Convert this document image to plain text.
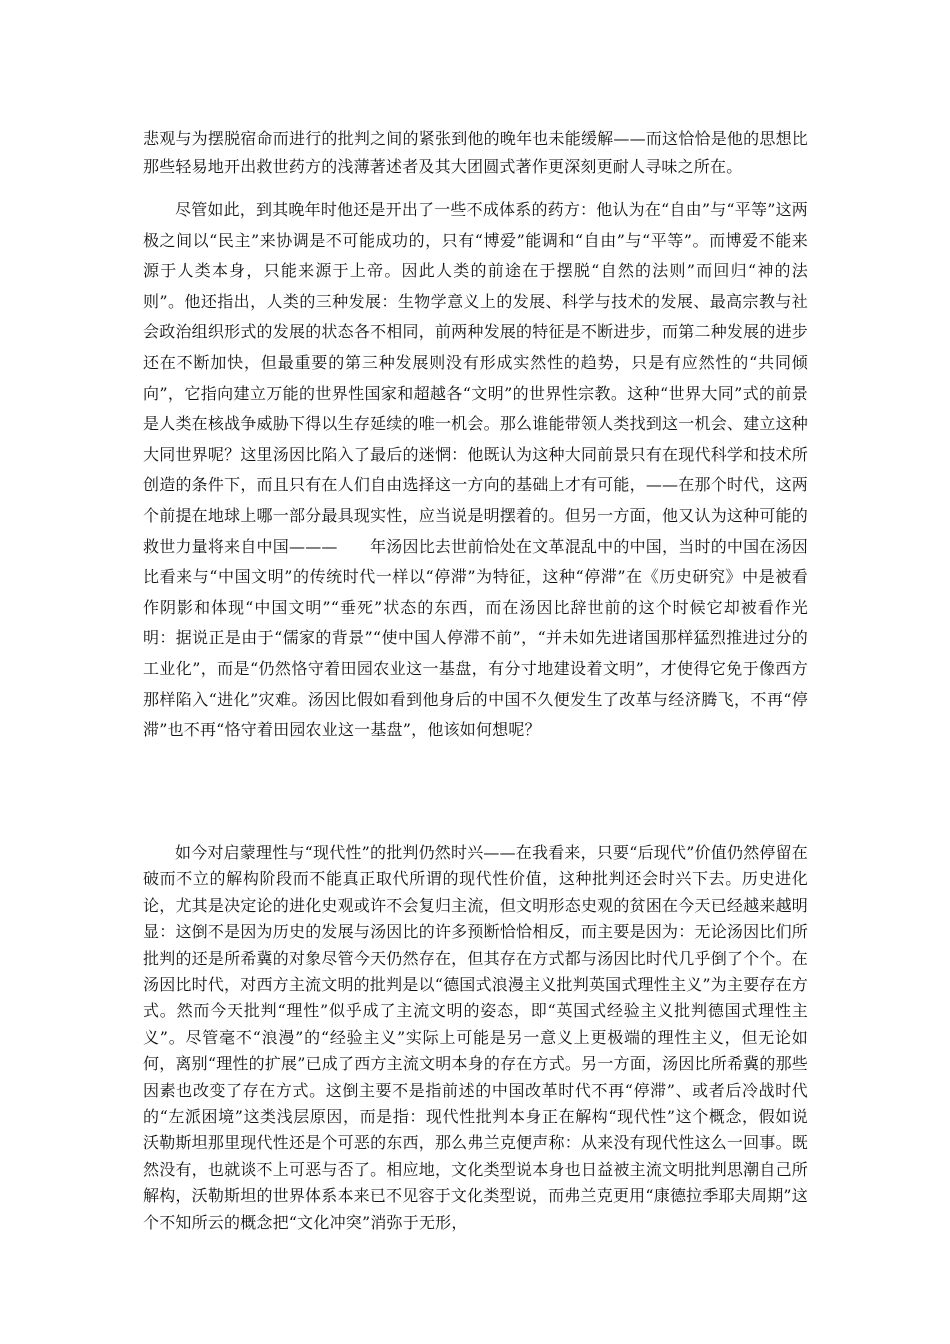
悲观与为摆脱宿命而进行的批判之间的紧张到他的晚年也未能缓解——而这恰恰是他的思想比那些轻易地开出救世药方的浅薄著述者及其大团圆式著作更深刻更耐人寻味之所在。

尽管如此，到其晚年时他还是开出了一些不成体系的药方：他认为在“自由”与“平等”这两极之间以“民主”来协调是不可能成功的，只有“博爱”能调和“自由”与“平等”。而博爱不能来源于人类本身，只能来源于上帝。因此人类的前途在于摆脱“自然的法则”而回归“神的法则”。他还指出，人类的三种发展：生物学意义上的发展、科学与技术的发展、最高宗教与社会政治组织形式的发展的状态各不相同，前两种发展的特征是不断进步，而第二种发展的进步还在不断加快，但最重要的第三种发展则没有形成实然性的趋势，只是有应然性的“共同倾向”，它指向建立万能的世界性国家和超越各“文明”的世界性宗教。这种“世界大同”式的前景是人类在核战争威胁下得以生存延续的唯一机会。那么谁能带领人类找到这一机会、建立这种大同世界呢？这里汤因比陷入了最后的迷惘：他既认为这种大同前景只有在现代科学和技术所创造的条件下，而且只有在人们自由选择这一方向的基础上才有可能，——在那个时代，这两个前提在地球上哪一部分最具现实性，应当说是明摆着的。但另一方面，他又认为这种可能的救世力量将来自中国———　　年汤因比去世前恰处在文革混乱中的中国，当时的中国在汤因比看来与“中国文明”的传统时代一样以“停滞”为特征，这种“停滞”在《历史研究》中是被看作阴影和体现“中国文明”“垂死”状态的东西，而在汤因比辞世前的这个时候它却被看作光明：据说正是由于“儒家的背景”“使中国人停滞不前”，“并未如先进诸国那样猛烈推进过分的工业化”，而是“仍然恪守着田园农业这一基盘，有分寸地建设着文明”，才使得它免于像西方那样陷入“进化”灾难。汤因比假如看到他身后的中国不久便发生了改革与经济腾飞，不再“停滞”也不再“恪守着田园农业这一基盘”，他该如何想呢？

如今对启蒙理性与“现代性”的批判仍然时兴——在我看来，只要“后现代”价值仍然停留在破而不立的解构阶段而不能真正取代所谓的现代性价值，这种批判还会时兴下去。历史进化论，尤其是决定论的进化史观或许不会复归主流，但文明形态史观的贫困在今天已经越来越明显：这倒不是因为历史的发展与汤因比的许多预断恰恰相反，而主要是因为：无论汤因比们所批判的还是所希冀的对象尽管今天仍然存在，但其存在方式都与汤因比时代几乎倒了个个。在汤因比时代，对西方主流文明的批判是以“德国式浪漫主义批判英国式理性主义”为主要存在方式。然而今天批判“理性”似乎成了主流文明的姿态，即“英国式经验主义批判德国式理性主义”。尽管毫不“浪漫”的“经验主义”实际上可能是另一意义上更极端的理性主义，但无论如何，离别“理性的扩展”已成了西方主流文明本身的存在方式。另一方面，汤因比所希冀的那些因素也改变了存在方式。这倒主要不是指前述的中国改革时代不再“停滞”、或者后冷战时代的“左派困境”这类浅层原因，而是指：现代性批判本身正在解构“现代性”这个概念，假如说沃勒斯坦那里现代性还是个可恶的东西，那么弗兰克便声称：从来没有现代性这么一回事。既然没有，也就谈不上可恶与否了。相应地，文化类型说本身也日益被主流文明批判思潮自己所解构，沃勒斯坦的世界体系本来已不见容于文化类型说，而弗兰克更用“康德拉季耶夫周期”这个不知所云的概念把“文化冲突”消弥于无形，
